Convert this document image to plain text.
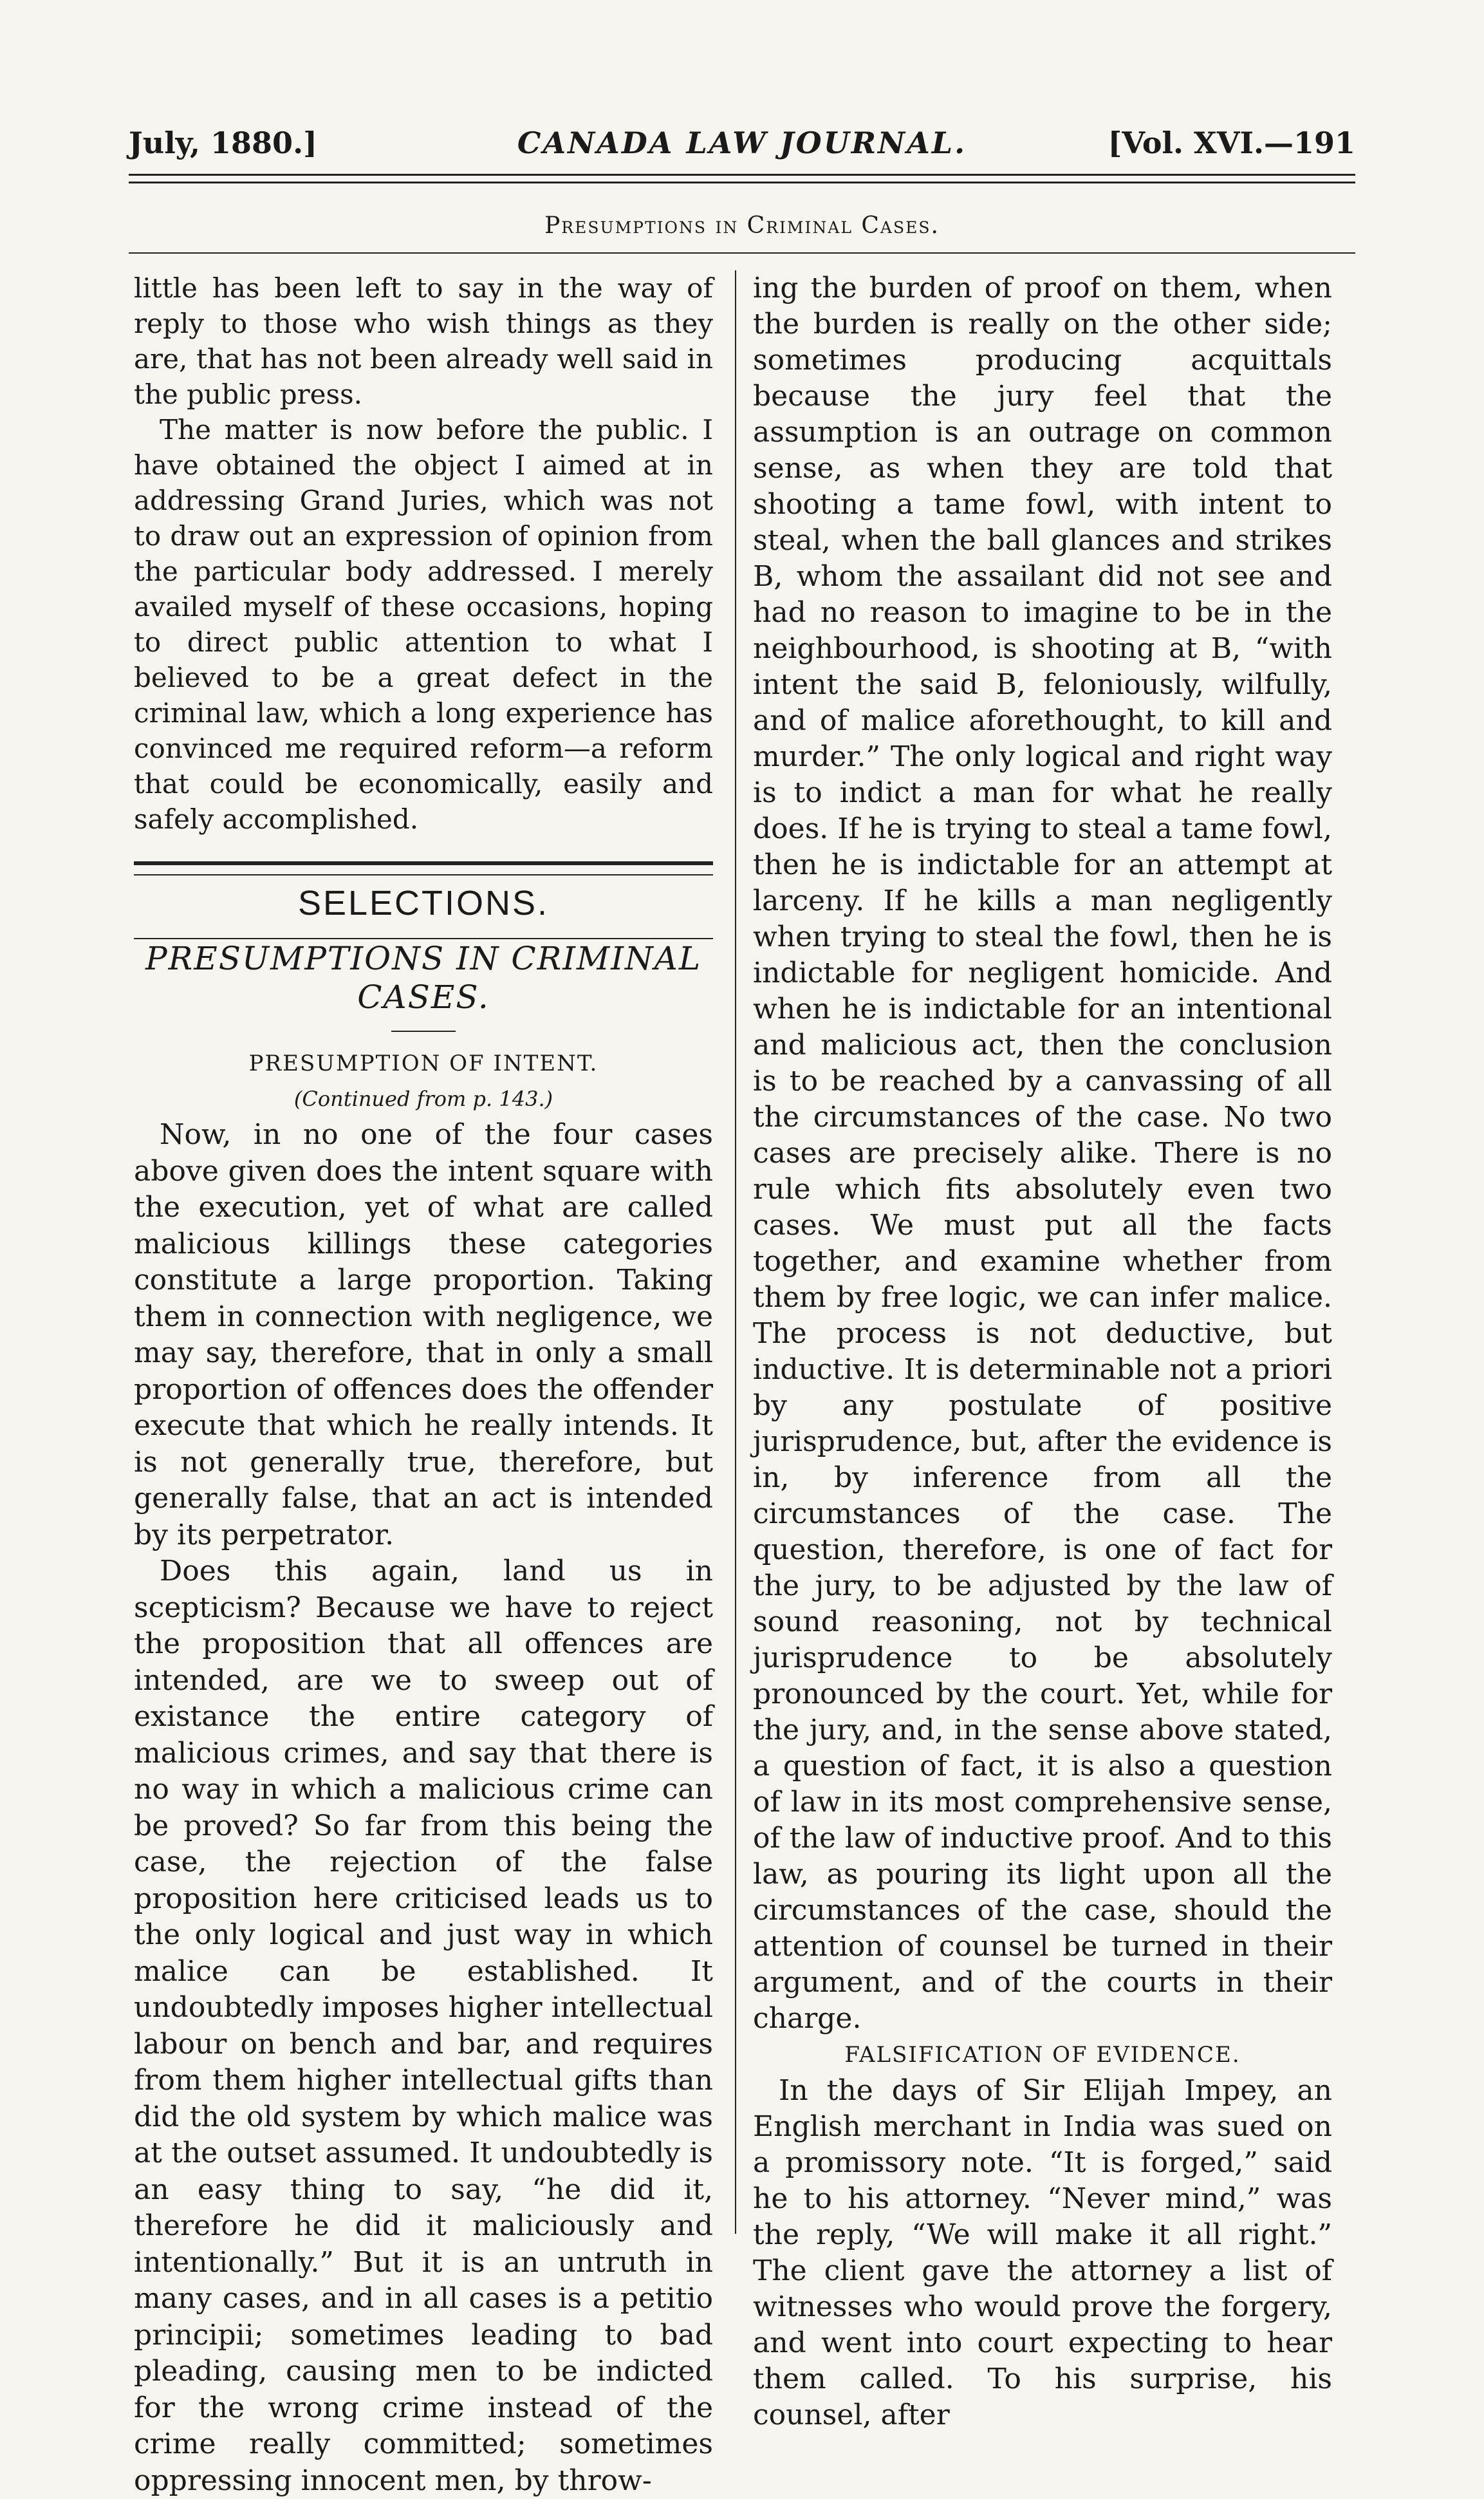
July, 1880.]	CANADA LAW JOURNAL.	[Vol. XVI.—191
Presumptions in Criminal Cases.

little has been left to say in the way of reply to those who wish things as they are, that has not been already well said in the public press.

The matter is now before the public. I have obtained the object I aimed at in addressing Grand Juries, which was not to draw out an expression of opinion from the particular body addressed. I merely availed myself of these occasions, hoping to direct public attention to what I believed to be a great defect in the criminal law, which a long experience has convinced me required reform—a reform that could be economically, easily and safely accomplished.

SELECTIONS.

PRESUMPTIONS IN CRIMINAL

CASES.

PRESUMPTION OF INTENT.

(Continued from p. 143.)

Now, in no one of the four cases above given does the intent square with the execution, yet of what are called malicious killings these categories constitute a large proportion. Taking them in connection with negligence, we may say, therefore, that in only a small proportion of offences does the offender execute that which he really intends. It is not generally true, therefore, but generally false, that an act is intended by its perpetrator.

Does this again, land us in scepticism? Because we have to reject the proposition that all offences are intended, are we to sweep out of existance the entire category of malicious crimes, and say that there is no way in which a malicious crime can be proved? So far from this being the case, the rejection of the false proposition here criticised leads us to the only logical and just way in which malice can be established. It undoubtedly imposes higher intellectual labour on bench and bar, and requires from them higher intellectual gifts than did the old system by which malice was at the outset assumed. It undoubtedly is an easy thing to say, “he did it, therefore he did it maliciously and intentionally.” But it is an untruth in many cases, and in all cases is a petitio principii; sometimes leading to bad pleading, causing men to be indicted for the wrong crime instead of the crime really committed; sometimes oppressing innocent men, by throw-

ing the burden of proof on them, when the burden is really on the other side; sometimes producing acquittals because the jury feel that the assumption is an outrage on common sense, as when they are told that shooting a tame fowl, with intent to steal, when the ball glances and strikes B, whom the assailant did not see and had no reason to imagine to be in the neighbourhood, is shooting at B, “with intent the said B, feloniously, wilfully, and of malice aforethought, to kill and murder.” The only logical and right way is to indict a man for what he really does. If he is trying to steal a tame fowl, then he is indictable for an attempt at larceny. If he kills a man negligently when trying to steal the fowl, then he is indictable for negligent homicide. And when he is indictable for an intentional and malicious act, then the conclusion is to be reached by a canvassing of all the circumstances of the case. No two cases are precisely alike. There is no rule which fits absolutely even two cases. We must put all the facts together, and examine whether from them by free logic, we can infer malice. The process is not deductive, but inductive. It is determinable not a priori by any postulate of positive jurisprudence, but, after the evidence is in, by inference from all the circumstances of the case. The question, therefore, is one of fact for the jury, to be adjusted by the law of sound reasoning, not by technical jurisprudence to be absolutely pronounced by the court. Yet, while for the jury, and, in the sense above stated, a question of fact, it is also a question of law in its most comprehensive sense, of the law of inductive proof. And to this law, as pouring its light upon all the circumstances of the case, should the attention of counsel be turned in their argument, and of the courts in their charge.

FALSIFICATION OF EVIDENCE.

In the days of Sir Elijah Impey, an English merchant in India was sued on a promissory note. “It is forged,” said he to his attorney. “Never mind,” was the reply, “We will make it all right.” The client gave the attorney a list of witnesses who would prove the forgery, and went into court expecting to hear them called. To his surprise, his counsel, after
